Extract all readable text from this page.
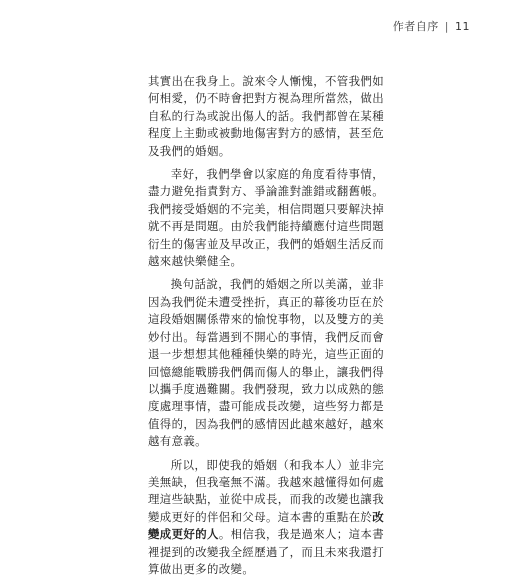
作者自序 | 11

其實出在我身上。說來令人慚愧，不管我們如何相愛，仍不時會把對方視為理所當然，做出自私的行為或說出傷人的話。我們都曾在某種程度上主動或被動地傷害對方的感情，甚至危及我們的婚姻。

幸好，我們學會以家庭的角度看待事情，盡力避免指責對方、爭論誰對誰錯或翻舊帳。我們接受婚姻的不完美，相信問題只要解決掉就不再是問題。由於我們能持續應付這些問題衍生的傷害並及早改正，我們的婚姻生活反而越來越快樂健全。

換句話說，我們的婚姻之所以美滿，並非因為我們從未遭受挫折，真正的幕後功臣在於這段婚姻關係帶來的愉悅事物，以及雙方的美妙付出。每當遇到不開心的事情，我們反而會退一步想想其他種種快樂的時光，這些正面的回憶總能戰勝我們偶而傷人的舉止，讓我們得以攜手度過難關。我們發現，致力以成熟的態度處理事情，盡可能成長改變，這些努力都是值得的，因為我們的感情因此越來越好，越來越有意義。

所以，即使我的婚姻（和我本人）並非完美無缺，但我毫無不滿。我越來越懂得如何處理這些缺點，並從中成長，而我的改變也讓我變成更好的伴侶和父母。這本書的重點在於改變成更好的人。相信我，我是過來人；這本書裡提到的改變我全經歷過了，而且未來我還打算做出更多的改變。
